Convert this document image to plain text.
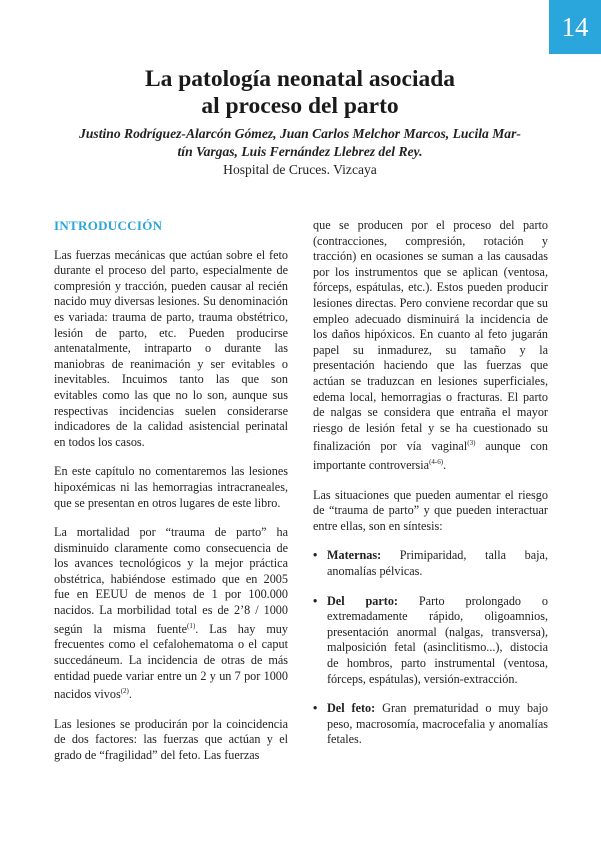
14
La patología neonatal asociada
al proceso del parto
Justino Rodríguez-Alarcón Gómez, Juan Carlos Melchor Marcos, Lucila Mar-
tín Vargas, Luis Fernández Llebrez del Rey.
Hospital de Cruces. Vizcaya
INTRODUCCIÓN

Las fuerzas mecánicas que actúan sobre el feto durante el proceso del parto, especialmente de compresión y tracción, pueden causar al recién nacido muy diversas lesiones. Su denominación es variada: trauma de parto, trauma obstétrico, lesión de parto, etc. Pueden producirse antenatalmente, intraparto o durante las maniobras de reanimación y ser evitables o inevitables. Incuimos tanto las que son evitables como las que no lo son, aunque sus respectivas incidencias suelen considerarse indicadores de la calidad asistencial perinatal en todos los casos.

En este capítulo no comentaremos las lesiones hipoxémicas ni las hemorragias intracraneales, que se presentan en otros lugares de este libro.

La mortalidad por “trauma de parto” ha disminuido claramente como consecuencia de los avances tecnológicos y la mejor práctica obstétrica, habiéndose estimado que en 2005 fue en EEUU de menos de 1 por 100.000 nacidos. La morbilidad total es de 2’8 / 1000 según la misma fuente$^{(1)}$. Las hay muy frecuentes como el cefalohematoma o el caput succedáneum. La incidencia de otras de más entidad puede variar entre un 2 y un 7 por 1000 nacidos vivos$^{(2)}$.

Las lesiones se producirán por la coincidencia de dos factores: las fuerzas que actúan y el grado de “fragilidad” del feto. Las fuerzas

que se producen por el proceso del parto (contracciones, compresión, rotación y tracción) en ocasiones se suman a las causadas por los instrumentos que se aplican (ventosa, fórceps, espátulas, etc.). Estos pueden producir lesiones directas. Pero conviene recordar que su empleo adecuado disminuirá la incidencia de los daños hipóxicos. En cuanto al feto jugarán papel su inmadurez, su tamaño y la presentación haciendo que las fuerzas que actúan se traduzcan en lesiones superficiales, edema local, hemorragias o fracturas. El parto de nalgas se considera que entraña el mayor riesgo de lesión fetal y se ha cuestionado su finalización por vía vaginal$^{(3)}$ aunque con importante controversia$^{(4-6)}$.

Las situaciones que pueden aumentar el riesgo de “trauma de parto” y que pueden interactuar entre ellas, son en síntesis:

• Maternas: Primiparidad, talla baja, anomalías pélvicas.
• Del parto: Parto prolongado o extremadamente rápido, oligoamnios, presentación anormal (nalgas, transversa), malposición fetal (asinclitismo...), distocia de hombros, parto instrumental (ventosa, fórceps, espátulas), versión-extracción.
• Del feto: Gran prematuridad o muy bajo peso, macrosomía, macrocefalia y anomalías fetales.
